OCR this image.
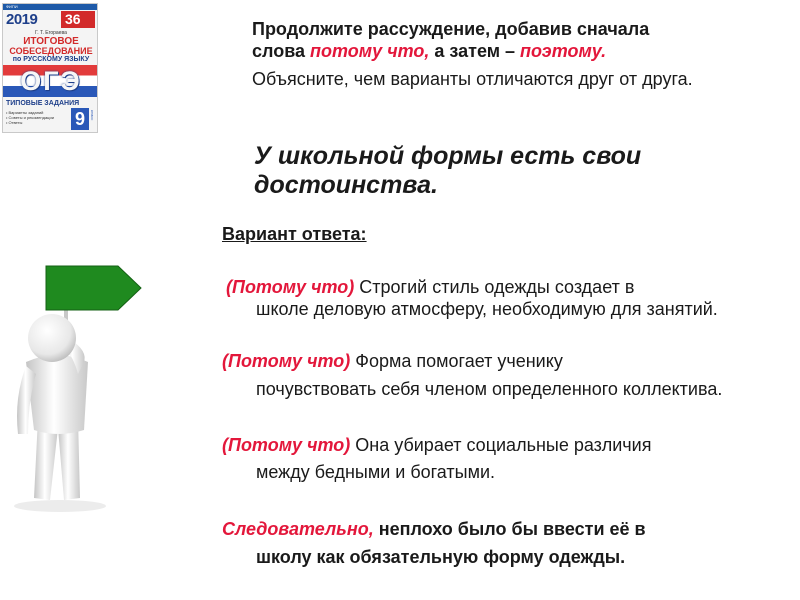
ФИПИ
2019 36
Г. Т. Егораева
ИТОГОВОЕ
СОБЕСЕДОВАНИЕ
по РУССКОМУ ЯЗЫКУ
ОГЭ
ТИПОВЫЕ ЗАДАНИЯ
• Варианты заданий
• Советы и рекомендации
• Ответы	9	класс

Продолжите рассуждение, добавив сначала
слова потому что, а затем – поэтому.

Объясните, чем варианты отличаются друг от друга.

У школьной формы есть свои достоинства.

Вариант ответа:

(Потому что) Строгий стиль одежды создает в
школе деловую атмосферу, необходимую для занятий.

(Потому что) Форма помогает ученику
почувствовать себя членом определенного коллектива.

(Потому что) Она убирает социальные различия
между бедными и богатыми.

Следовательно, неплохо было бы ввести её в
школу как обязательную форму одежды.
